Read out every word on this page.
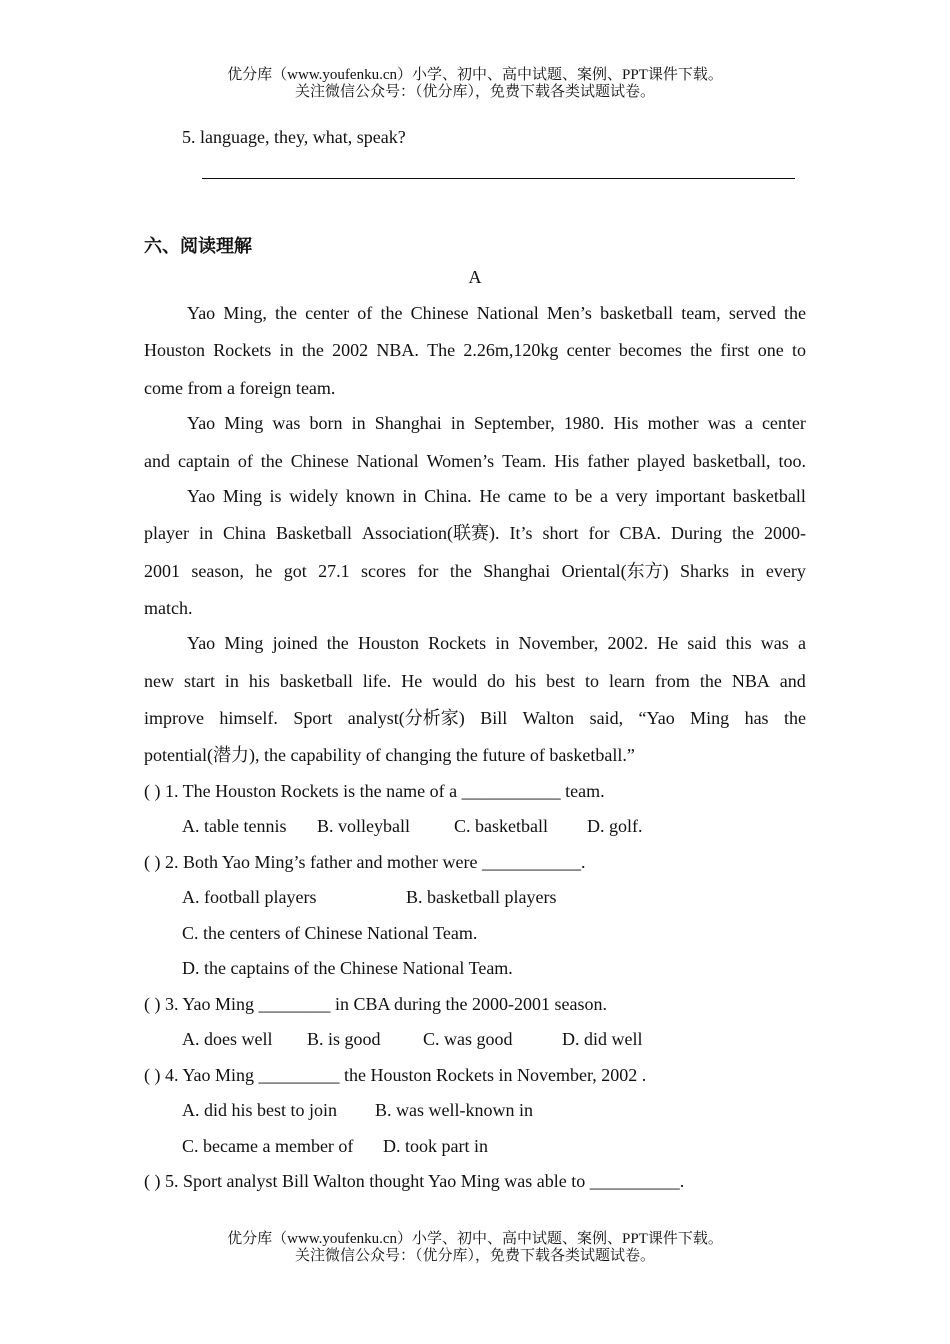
优分库（www.youfenku.cn）小学、初中、高中试题、案例、PPT课件下载。
关注微信公众号：（优分库），免费下载各类试题试卷。
5. language, they, what, speak?
六、阅读理解
A
Yao Ming, the center of the Chinese National Men’s basketball team, served the
Houston Rockets in the 2002 NBA. The 2.26m,120kg center becomes the first one to
come from a foreign team.
Yao Ming was born in Shanghai in September, 1980. His mother was a center
and captain of the Chinese National Women’s Team. His father played basketball, too.
Yao Ming is widely known in China. He came to be a very important basketball
player in China Basketball Association(联赛). It’s short for CBA. During the 2000-
2001 season, he got 27.1 scores for the Shanghai Oriental(东方) Sharks in every
match.
Yao Ming joined the Houston Rockets in November, 2002. He said this was a
new start in his basketball life. He would do his best to learn from the NBA and
improve himself. Sport analyst(分析家) Bill Walton said, “Yao Ming has the
potential(潜力), the capability of changing the future of basketball.”
( ) 1. The Houston Rockets is the name of a ___________ team.
A. table tennis B. volleyball C. basketball D. golf.
( ) 2. Both Yao Ming’s father and mother were ___________.
A. football players	B. basketball players
C. the centers of Chinese National Team.
D. the captains of the Chinese National Team.
( ) 3. Yao Ming ________ in CBA during the 2000-2001 season.
A. does well B. is good C. was good	D. did well
( ) 4. Yao Ming _________ the Houston Rockets in November, 2002 .
A. did his best to join B. was well-known in
C. became a member of D. took part in
( ) 5. Sport analyst Bill Walton thought Yao Ming was able to __________.
优分库（www.youfenku.cn）小学、初中、高中试题、案例、PPT课件下载。
关注微信公众号：（优分库），免费下载各类试题试卷。
